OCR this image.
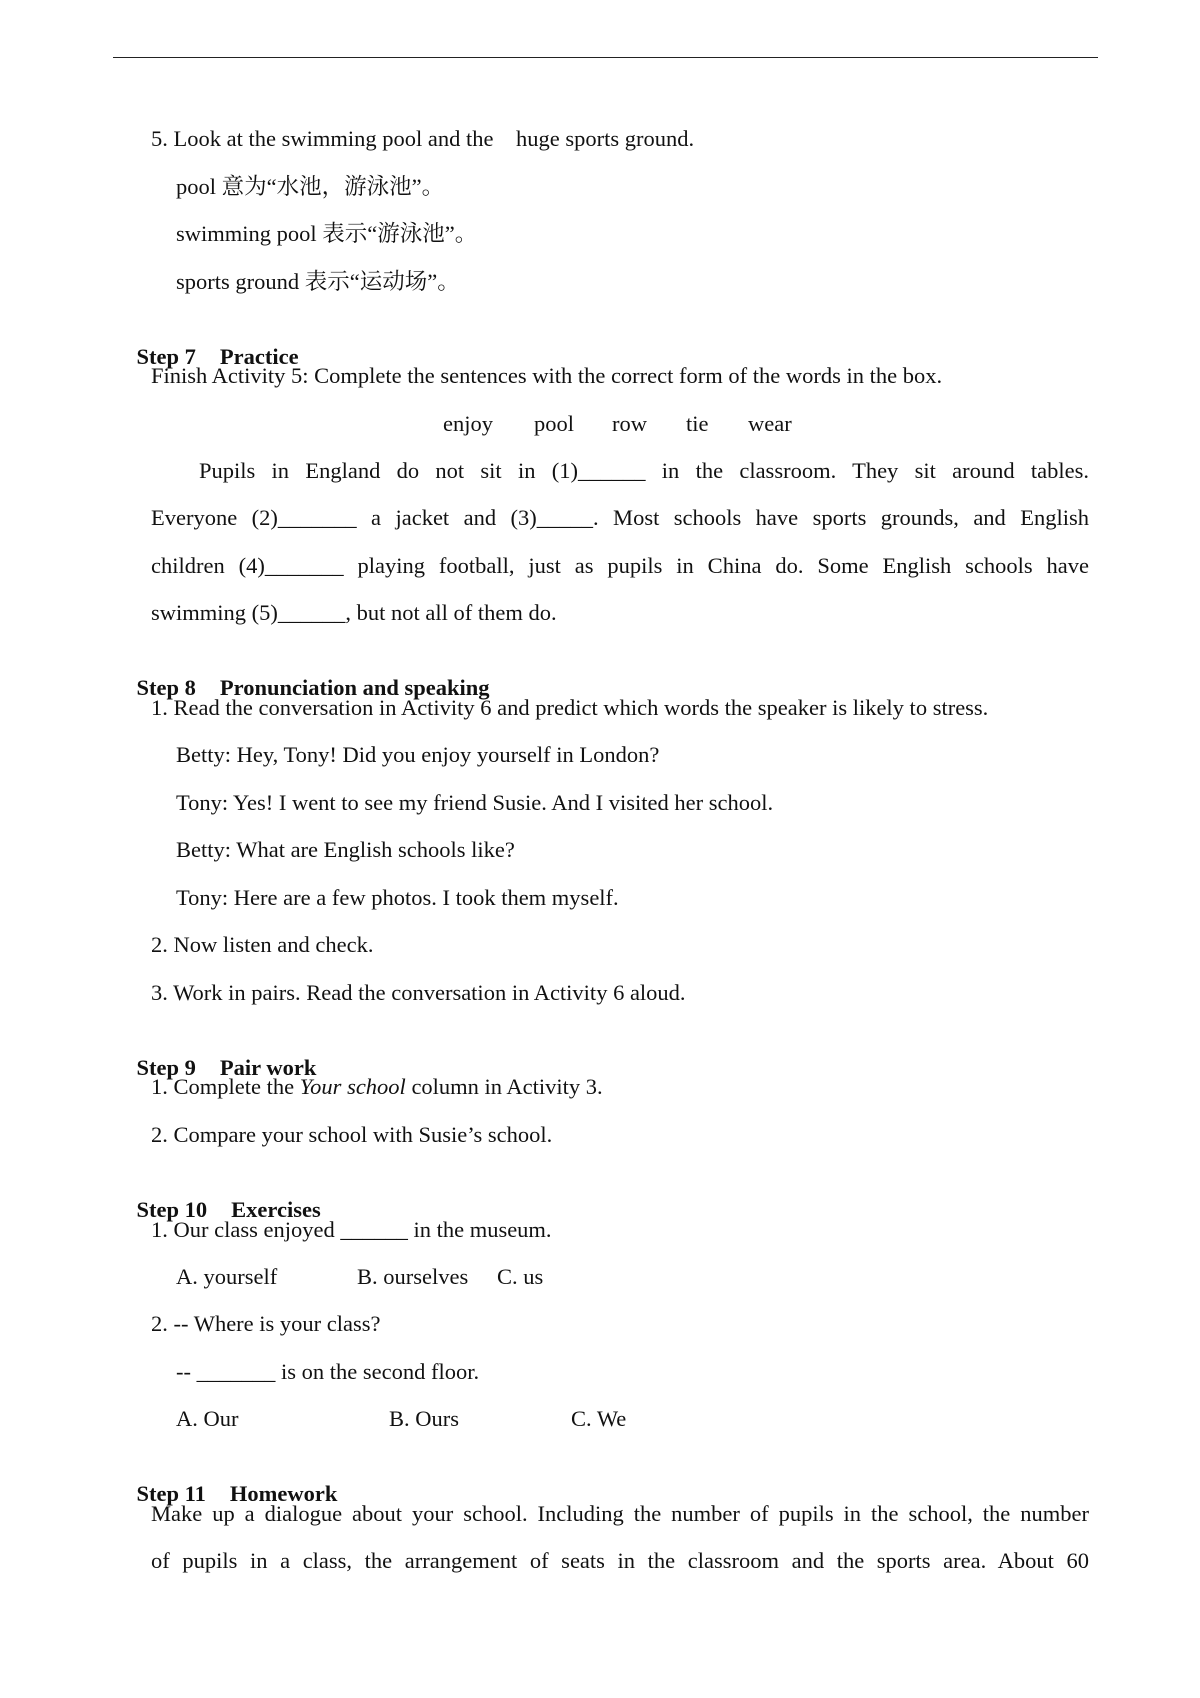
5. Look at the swimming pool and the    huge sports ground.
pool 意为“水池，游泳池”。
swimming pool 表示“游泳池”。
sports ground 表示“运动场”。

Step 7 Practice

Finish Activity 5: Complete the sentences with the correct form of the words in the box.

enjoy

pool

row

tie

wear

Pupils in England do not sit in (1)______ in the classroom. They sit around tables.
Everyone (2)_______ a jacket and (3)_____. Most schools have sports grounds, and English
children (4)_______ playing football, just as pupils in China do. Some English schools have
swimming (5)______, but not all of them do.

Step 8 Pronunciation and speaking

1. Read the conversation in Activity 6 and predict which words the speaker is likely to stress.
Betty: Hey, Tony! Did you enjoy yourself in London?
Tony: Yes! I went to see my friend Susie. And I visited her school.
Betty: What are English schools like?
Tony: Here are a few photos. I took them myself.
2. Now listen and check.
3. Work in pairs. Read the conversation in Activity 6 aloud.

Step 9 Pair work

1. Complete the Your school column in Activity 3.
2. Compare your school with Susie’s school.

Step 10 Exercises

1. Our class enjoyed ______ in the museum.
A. yourself	B. ourselves C. us
2. -- Where is your class?
-- _______ is on the second floor.
A. Our	B. Ours	C. We

Step 11 Homework

Make up a dialogue about your school. Including the number of pupils in the school, the number
of pupils in a class, the arrangement of seats in the classroom and the sports area. About 60
